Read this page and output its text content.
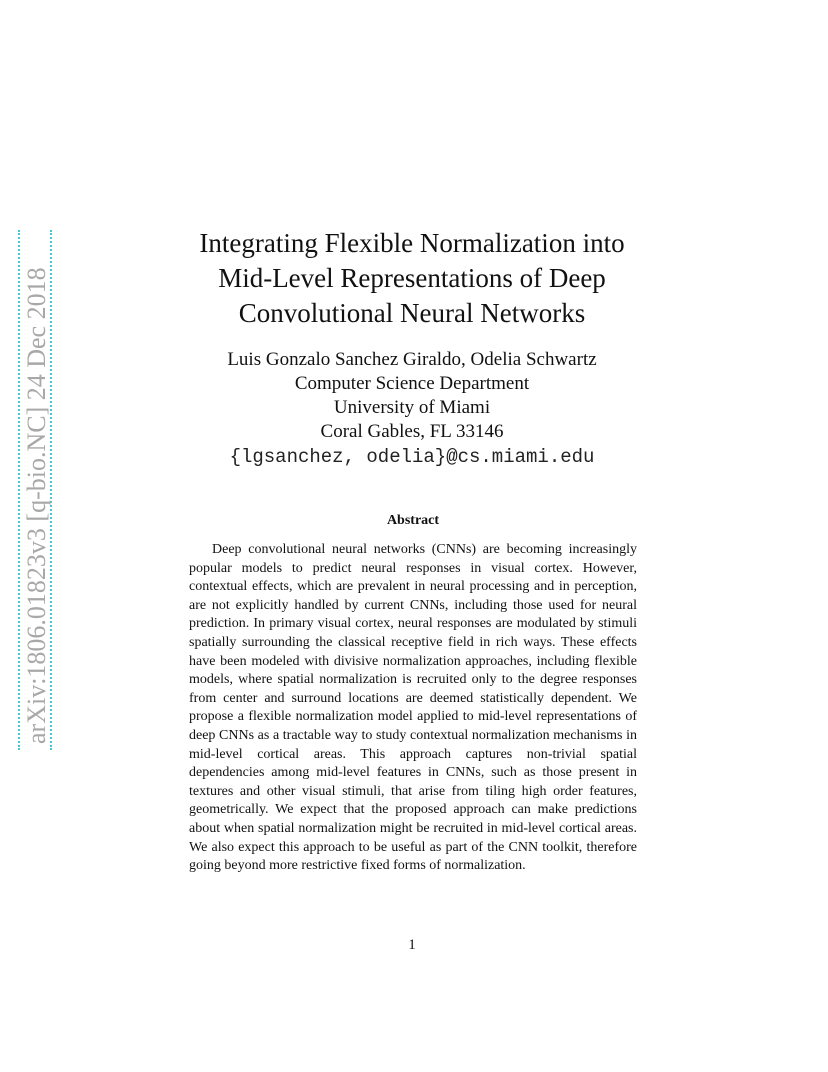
arXiv:1806.01823v3 [q-bio.NC] 24 Dec 2018
Integrating Flexible Normalization into
Mid-Level Representations of Deep
Convolutional Neural Networks
Luis Gonzalo Sanchez Giraldo, Odelia Schwartz
Computer Science Department
University of Miami
Coral Gables, FL 33146
{lgsanchez, odelia}@cs.miami.edu
Abstract

Deep convolutional neural networks (CNNs) are becoming increasingly popular models to predict neural responses in visual cortex. However, contextual effects, which are prevalent in neural processing and in perception, are not explicitly handled by current CNNs, including those used for neural prediction. In primary visual cortex, neural responses are modulated by stimuli spatially surrounding the classical receptive field in rich ways. These effects have been modeled with divisive normalization approaches, including flexible models, where spatial normalization is recruited only to the degree responses from center and surround locations are deemed statistically dependent. We propose a flexible normalization model applied to mid-level representations of deep CNNs as a tractable way to study contextual normalization mechanisms in mid-level cortical areas. This approach captures non-trivial spatial dependencies among mid-level features in CNNs, such as those present in textures and other visual stimuli, that arise from tiling high order features, geometrically. We expect that the proposed approach can make predictions about when spatial normalization might be recruited in mid-level cortical areas. We also expect this approach to be useful as part of the CNN toolkit, therefore going beyond more restrictive fixed forms of normalization.

1
